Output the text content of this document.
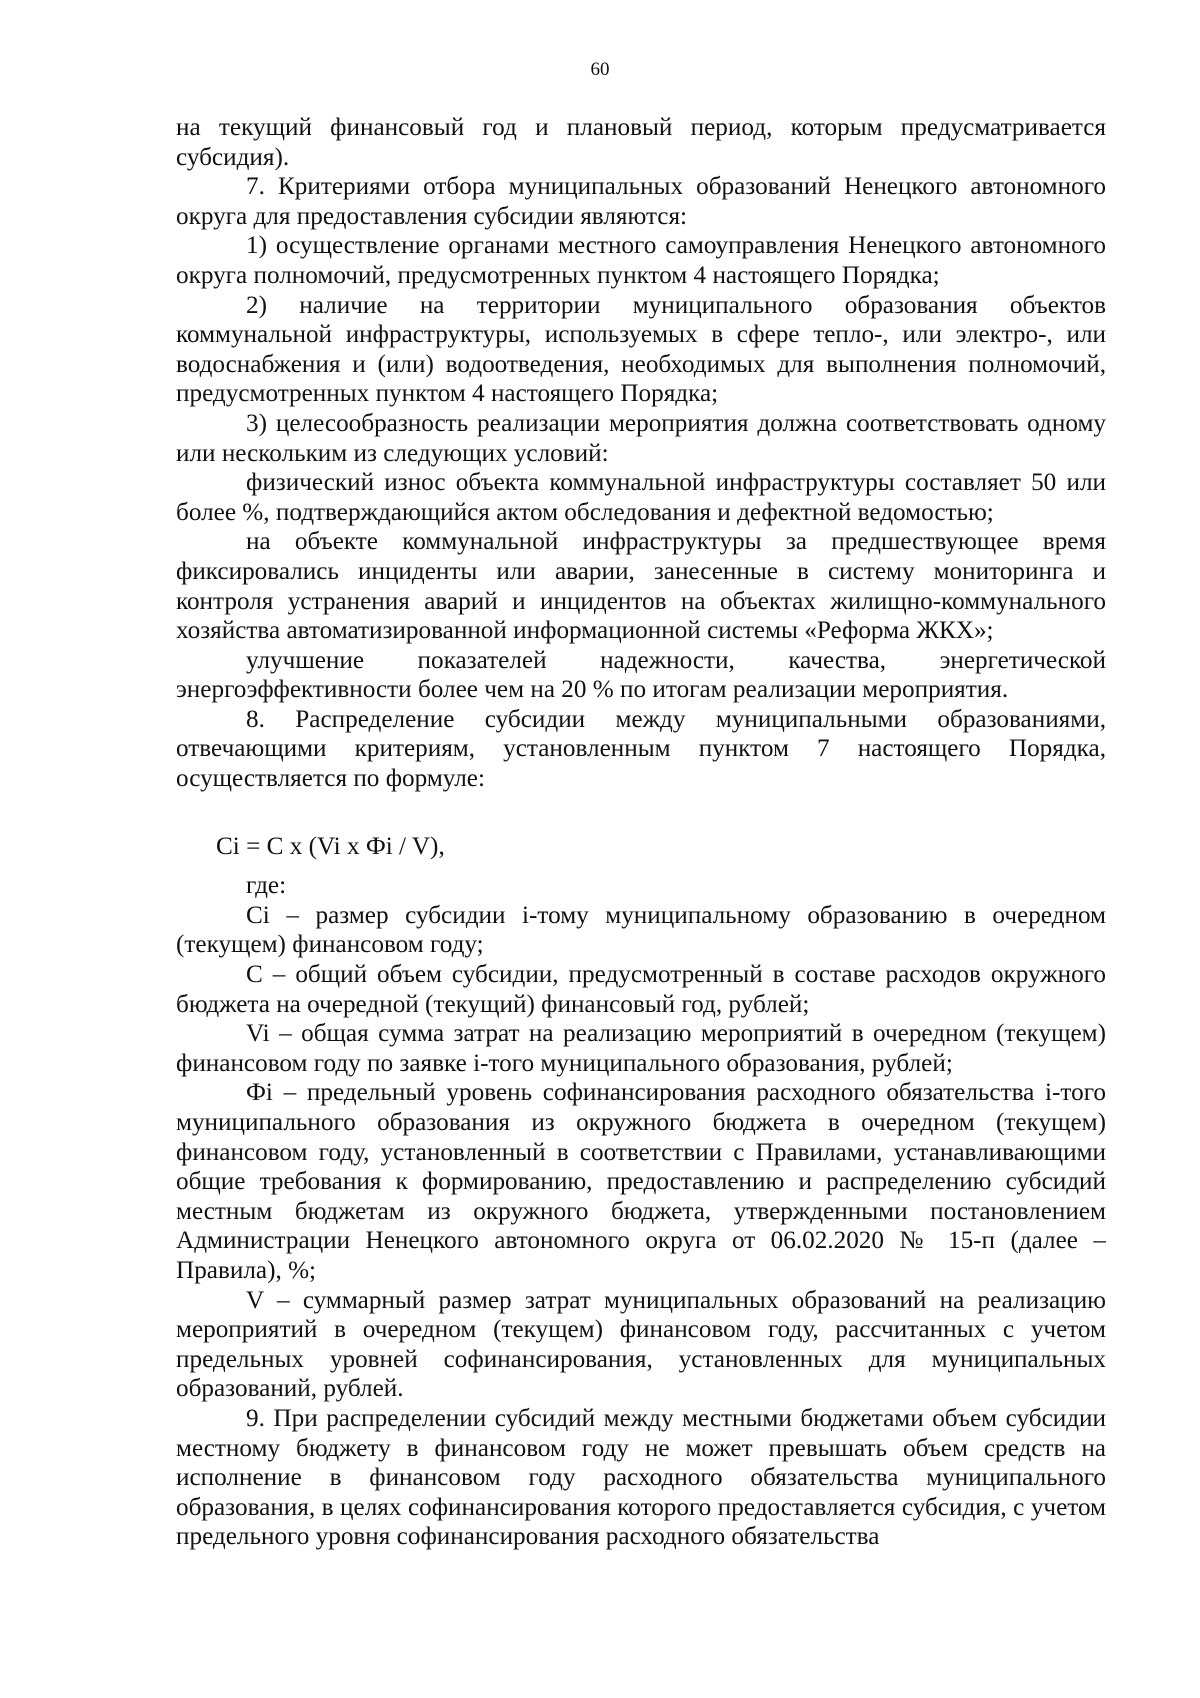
60

на текущий финансовый год и плановый период, которым предусматривается субсидия).

7. Критериями отбора муниципальных образований Ненецкого автономного округа для предоставления субсидии являются:

1) осуществление органами местного самоуправления Ненецкого автономного округа полномочий, предусмотренных пунктом 4 настоящего Порядка;

2) наличие на территории муниципального образования объектов коммунальной инфраструктуры, используемых в сфере тепло-, или электро-, или водоснабжения и (или) водоотведения, необходимых для выполнения полномочий, предусмотренных пунктом 4 настоящего Порядка;

3) целесообразность реализации мероприятия должна соответствовать одному или нескольким из следующих условий:

физический износ объекта коммунальной инфраструктуры составляет 50 или более %, подтверждающийся актом обследования и дефектной ведомостью;

на объекте коммунальной инфраструктуры за предшествующее время фиксировались инциденты или аварии, занесенные в систему мониторинга и контроля устранения аварий и инцидентов на объектах жилищно-коммунального хозяйства автоматизированной информационной системы «Реформа ЖКХ»;

улучшение показателей надежности, качества, энергетической энергоэффективности более чем на 20 % по итогам реализации мероприятия.

8. Распределение субсидии между муниципальными образованиями, отвечающими критериям, установленным пунктом 7 настоящего Порядка, осуществляется по формуле:

Ci = C x (Vi x Фi / V),

где:

Ci – размер субсидии i-тому муниципальному образованию в очередном (текущем) финансовом году;

C – общий объем субсидии, предусмотренный в составе расходов окружного бюджета на очередной (текущий) финансовый год, рублей;

Vi – общая сумма затрат на реализацию мероприятий в очередном (текущем) финансовом году по заявке i-того муниципального образования, рублей;

Фi – предельный уровень софинансирования расходного обязательства i-того муниципального образования из окружного бюджета в очередном (текущем) финансовом году, установленный в соответствии с Правилами, устанавливающими общие требования к формированию, предоставлению и распределению субсидий местным бюджетам из окружного бюджета, утвержденными постановлением Администрации Ненецкого автономного округа от 06.02.2020 № 15-п (далее – Правила), %;

V – суммарный размер затрат муниципальных образований на реализацию мероприятий в очередном (текущем) финансовом году, рассчитанных с учетом предельных уровней софинансирования, установленных для муниципальных образований, рублей.

9. При распределении субсидий между местными бюджетами объем субсидии местному бюджету в финансовом году не может превышать объем средств на исполнение в финансовом году расходного обязательства муниципального образования, в целях софинансирования которого предоставляется субсидия, с учетом предельного уровня софинансирования расходного обязательства
